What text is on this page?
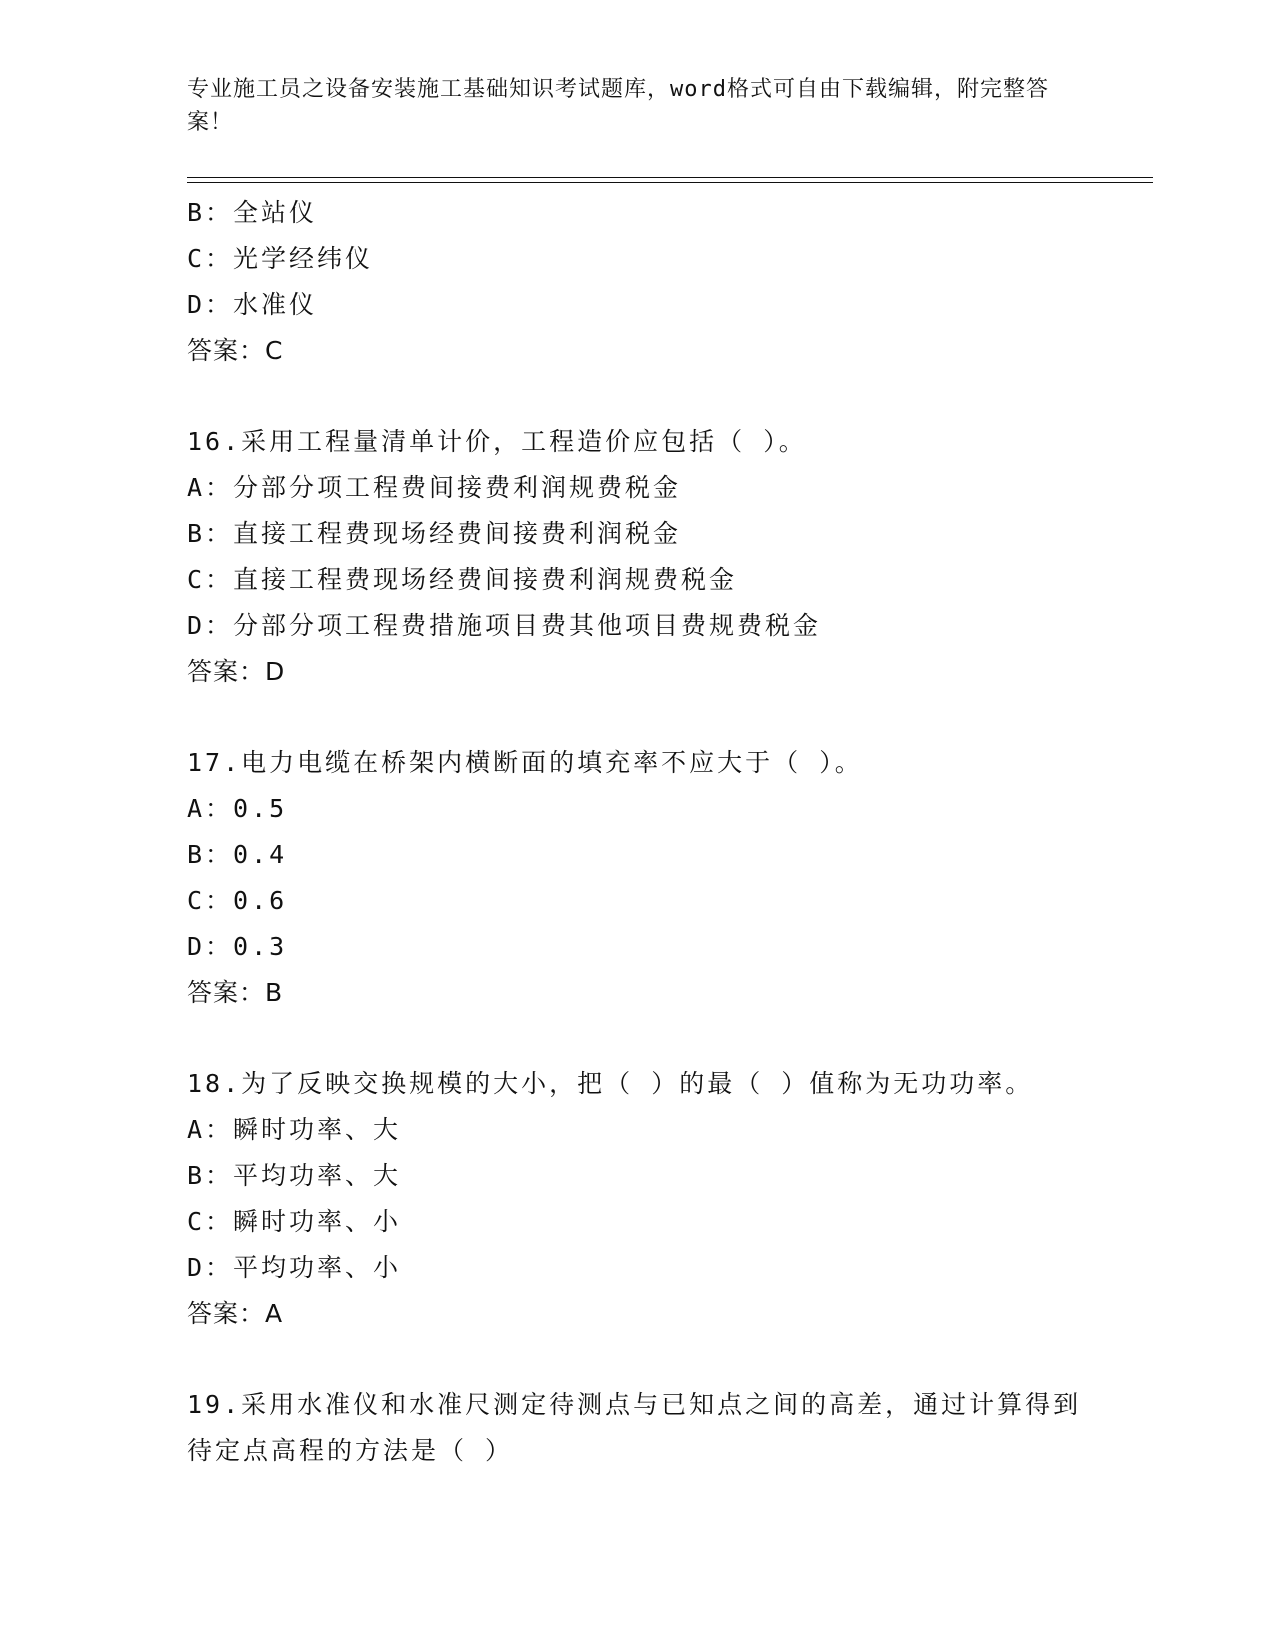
专业施工员之设备安装施工基础知识考试题库，word格式可自由下载编辑，附完整答案！
B：全站仪
C：光学经纬仪
D：水准仪
答案：C
16.采用工程量清单计价，工程造价应包括（ ）。
A：分部分项工程费间接费利润规费税金
B：直接工程费现场经费间接费利润税金
C：直接工程费现场经费间接费利润规费税金
D：分部分项工程费措施项目费其他项目费规费税金
答案：D
17.电力电缆在桥架内横断面的填充率不应大于（ ）。
A：0.5
B：0.4
C：0.6
D：0.3
答案：B
18.为了反映交换规模的大小，把（ ）的最（ ）值称为无功功率。
A：瞬时功率、大
B：平均功率、大
C：瞬时功率、小
D：平均功率、小
答案：A
19.采用水准仪和水准尺测定待测点与已知点之间的高差，通过计算得到待定点高程的方法是（ ）
